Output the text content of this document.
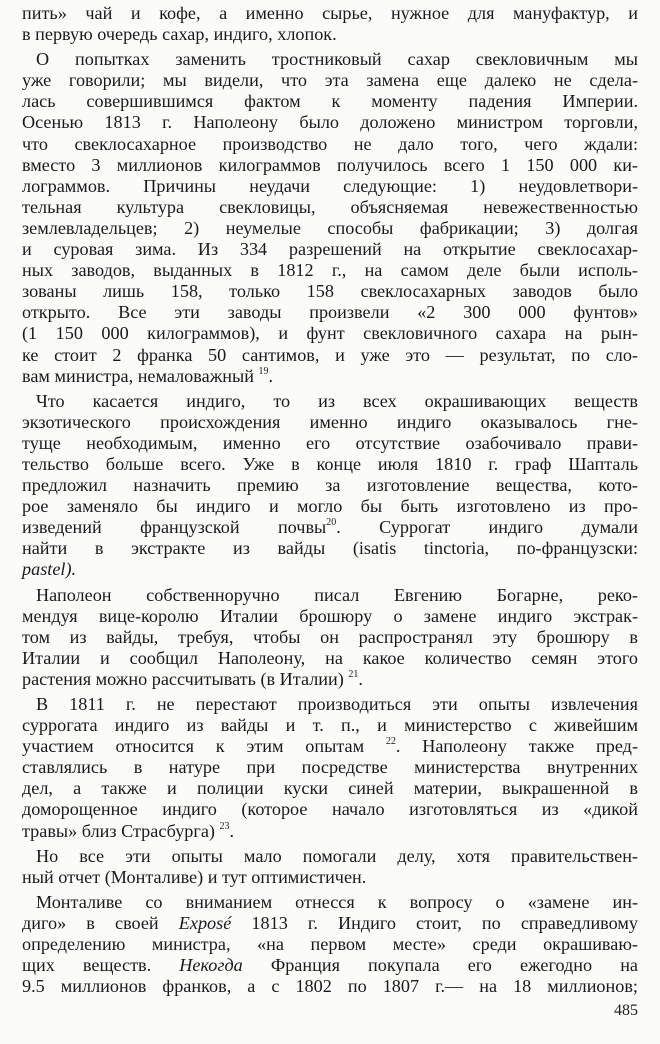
пить» чай и кофе, а именно сырье, нужное для мануфактур, и
в первую очередь сахар, индиго, хлопок.
О попытках заменить тростниковый сахар свекловичным мы
уже говорили; мы видели, что эта замена еще далеко не сдела-
лась совершившимся фактом к моменту падения Империи.
Осенью 1813 г. Наполеону было доложено министром торговли,
что свеклосахарное производство не дало того, чего ждали:
вместо 3 миллионов килограммов получилось всего 1 150 000 ки-
лограммов. Причины неудачи следующие: 1) неудовлетвори-
тельная культура свекловицы, объясняемая невежественностью
землевладельцев; 2) неумелые способы фабрикации; 3) долгая
и суровая зима. Из 334 разрешений на открытие свеклосахар-
ных заводов, выданных в 1812 г., на самом деле были исполь-
зованы лишь 158, только 158 свеклосахарных заводов было
открыто. Все эти заводы произвели «2 300 000 фунтов»
(1 150 000 килограммов), и фунт свекловичного сахара на рын-
ке стоит 2 франка 50 сантимов, и уже это — результат, по сло-
вам министра, немаловажный $^{19}$.
Что касается индиго, то из всех окрашивающих веществ
экзотического происхождения именно индиго оказывалось гне-
туще необходимым, именно его отсутствие озабочивало прави-
тельство больше всего. Уже в конце июля 1810 г. граф Шапталь
предложил назначить премию за изготовление вещества, кото-
рое заменяло бы индиго и могло бы быть изготовлено из про-
изведений французской почвы$^{20}$. Суррогат индиго думали
найти в экстракте из вайды (isatis tinctoria, по-французски:
pastel).
Наполеон собственноручно писал Евгению Богарне, реко-
мендуя вице-королю Италии брошюру о замене индиго экстрак-
том из вайды, требуя, чтобы он распространял эту брошюру в
Италии и сообщил Наполеону, на какое количество семян этого
растения можно рассчитывать (в Италии) $^{21}$.
В 1811 г. не перестают производиться эти опыты извлечения
суррогата индиго из вайды и т. п., и министерство с живейшим
участием относится к этим опытам $^{22}$. Наполеону также пред-
ставлялись в натуре при посредстве министерства внутренних
дел, а также и полиции куски синей материи, выкрашенной в
доморощенное индиго (которое начало изготовляться из «дикой
травы» близ Страсбурга) $^{23}$.
Но все эти опыты мало помогали делу, хотя правительствен-
ный отчет (Монталиве) и тут оптимистичен.
Монталиве со вниманием отнесся к вопросу о «замене ин-
диго» в своей Exposé 1813 г. Индиго стоит, по справедливому
определению министра, «на первом месте» среди окрашиваю-
щих веществ. Некогда Франция покупала его ежегодно на
9.5 миллионов франков, а с 1802 по 1807 г.— на 18 миллионов;
485
